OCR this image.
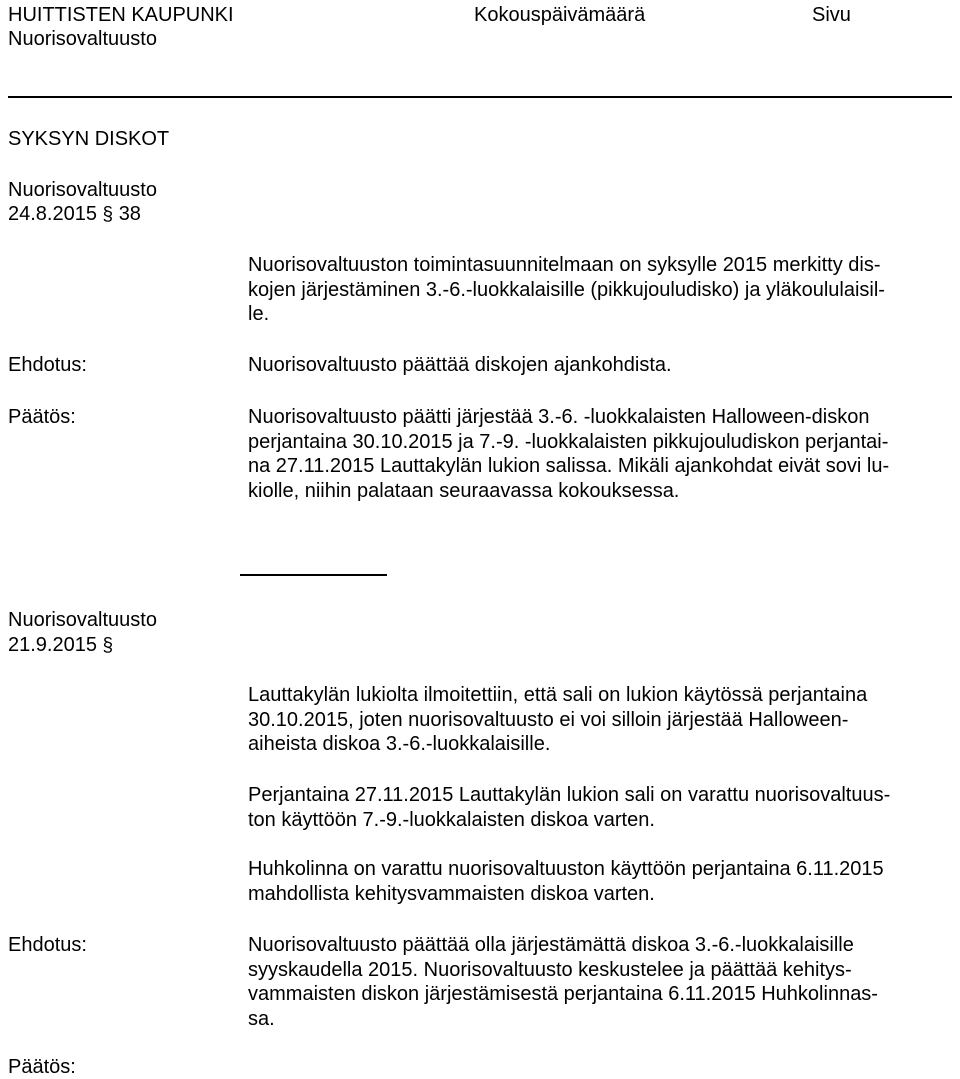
HUITTISTEN KAUPUNKI	Kokouspäivämäärä	Sivu
Nuorisovaltuusto
SYKSYN DISKOT
Nuorisovaltuusto
24.8.2015 § 38

Nuorisovaltuuston toimintasuunnitelmaan on syksylle 2015 merkitty dis-

kojen järjestäminen 3.-6.-luokkalaisille (pikkujouludisko) ja yläkoululaisil-

le.

Ehdotus:	Nuorisovaltuusto päättää diskojen ajankohdista.

Päätös:	Nuorisovaltuusto päätti järjestää 3.-6. -luokkalaisten Halloween-diskon

perjantaina 30.10.2015 ja 7.-9. -luokkalaisten pikkujouludiskon perjantai-

na 27.11.2015 Lauttakylän lukion salissa. Mikäli ajankohdat eivät sovi lu-

kiolle, niihin palataan seuraavassa kokouksessa.

Nuorisovaltuusto
21.9.2015 §

Lauttakylän lukiolta ilmoitettiin, että sali on lukion käytössä perjantaina

30.10.2015, joten nuorisovaltuusto ei voi silloin järjestää Halloween-

aiheista diskoa 3.-6.-luokkalaisille.

Perjantaina 27.11.2015 Lauttakylän lukion sali on varattu nuorisovaltuus-

ton käyttöön 7.-9.-luokkalaisten diskoa varten.

Huhkolinna on varattu nuorisovaltuuston käyttöön perjantaina 6.11.2015

mahdollista kehitysvammaisten diskoa varten.

Ehdotus:	Nuorisovaltuusto päättää olla järjestämättä diskoa 3.-6.-luokkalaisille

syyskaudella 2015. Nuorisovaltuusto keskustelee ja päättää kehitys-

vammaisten diskon järjestämisestä perjantaina 6.11.2015 Huhkolinnas-

sa.

Päätös:
